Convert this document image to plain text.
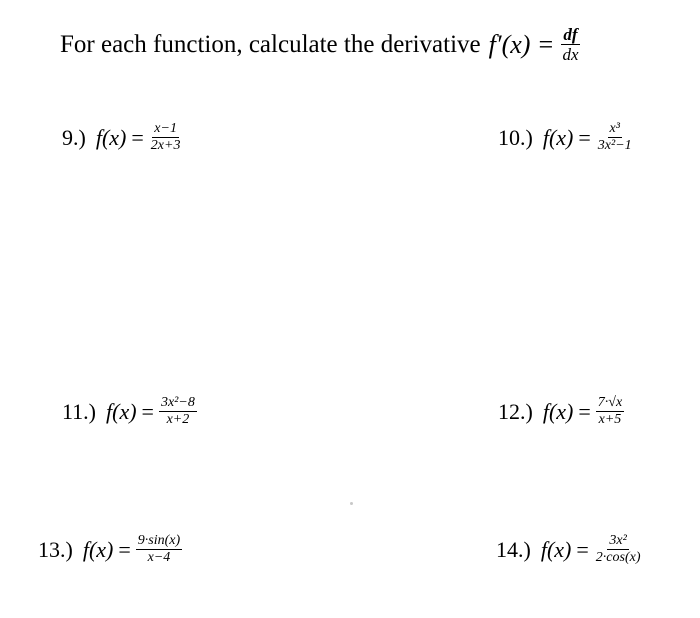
For each function, calculate the derivative $f'(x) = \frac{df}{dx}$
9.) $f(x) = \frac{x-1}{2x+3}$	10.) $f(x) = \frac{\text{x³}}{\text{3x²−1}}$
11.) $f(x) = \frac{\text{3x²−8}}{x+2}$	12.) $f(x) = \frac{7\cdot√x}{x+5}$
13.) $f(x) = \frac{9\cdot\sin(x)}{x-4}$	14.) $f(x) = \frac{\text{3x²}}{2\cdot\cos(x)}$
